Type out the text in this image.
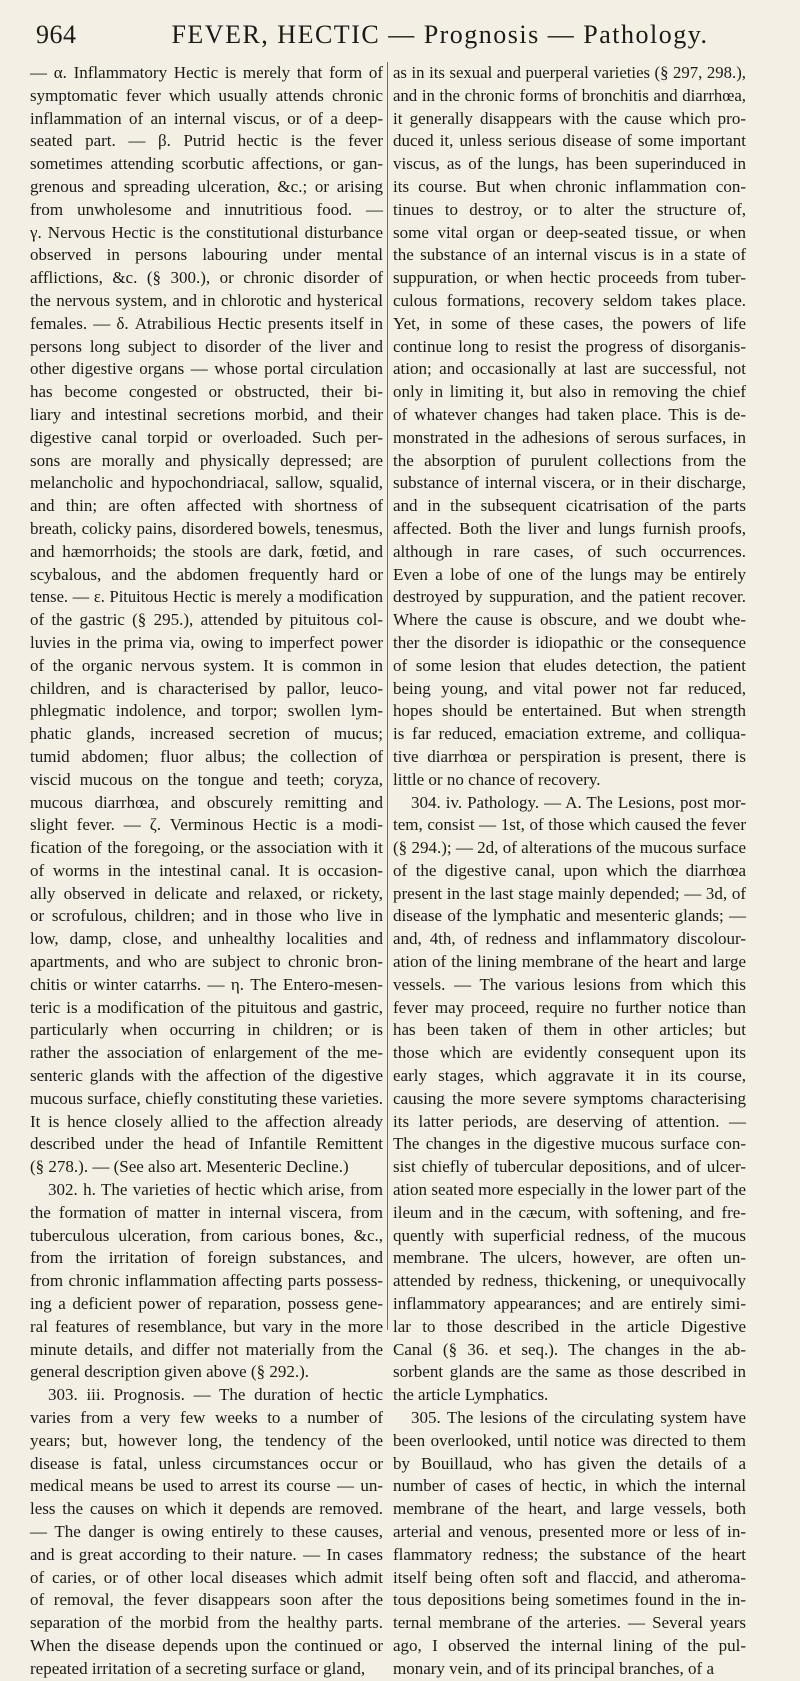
964	FEVER, HECTIC — Prognosis — Pathology.
— α. Inflammatory Hectic is merely that form of
symptomatic fever which usually attends chronic
inflammation of an internal viscus, or of a deep-
seated part. — β. Putrid hectic is the fever
sometimes attending scorbutic affections, or gan-
grenous and spreading ulceration, &c.; or arising
from unwholesome and innutritious food. —
γ. Nervous Hectic is the constitutional disturbance
observed in persons labouring under mental
afflictions, &c. (§ 300.), or chronic disorder of
the nervous system, and in chlorotic and hysterical
females. — δ. Atrabilious Hectic presents itself in
persons long subject to disorder of the liver and
other digestive organs — whose portal circulation
has become congested or obstructed, their bi-
liary and intestinal secretions morbid, and their
digestive canal torpid or overloaded. Such per-
sons are morally and physically depressed; are
melancholic and hypochondriacal, sallow, squalid,
and thin; are often affected with shortness of
breath, colicky pains, disordered bowels, tenesmus,
and hæmorrhoids; the stools are dark, fœtid, and
scybalous, and the abdomen frequently hard or
tense. — ε. Pituitous Hectic is merely a modification
of the gastric (§ 295.), attended by pituitous col-
luvies in the prima via, owing to imperfect power
of the organic nervous system. It is common in
children, and is characterised by pallor, leuco-
phlegmatic indolence, and torpor; swollen lym-
phatic glands, increased secretion of mucus;
tumid abdomen; fluor albus; the collection of
viscid mucous on the tongue and teeth; coryza,
mucous diarrhœa, and obscurely remitting and
slight fever. — ζ. Verminous Hectic is a modi-
fication of the foregoing, or the association with it
of worms in the intestinal canal. It is occasion-
ally observed in delicate and relaxed, or rickety,
or scrofulous, children; and in those who live in
low, damp, close, and unhealthy localities and
apartments, and who are subject to chronic bron-
chitis or winter catarrhs. — η. The Entero-mesen-
teric is a modification of the pituitous and gastric,
particularly when occurring in children; or is
rather the association of enlargement of the me-
senteric glands with the affection of the digestive
mucous surface, chiefly constituting these varieties.
It is hence closely allied to the affection already
described under the head of Infantile Remittent
(§ 278.). — (See also art. Mesenteric Decline.)
302. h. The varieties of hectic which arise, from
the formation of matter in internal viscera, from
tuberculous ulceration, from carious bones, &c.,
from the irritation of foreign substances, and
from chronic inflammation affecting parts possess-
ing a deficient power of reparation, possess gene-
ral features of resemblance, but vary in the more
minute details, and differ not materially from the
general description given above (§ 292.).
303. iii. Prognosis. — The duration of hectic
varies from a very few weeks to a number of
years; but, however long, the tendency of the
disease is fatal, unless circumstances occur or
medical means be used to arrest its course — un-
less the causes on which it depends are removed.
— The danger is owing entirely to these causes,
and is great according to their nature. — In cases
of caries, or of other local diseases which admit
of removal, the fever disappears soon after the
separation of the morbid from the healthy parts.
When the disease depends upon the continued or
repeated irritation of a secreting surface or gland,
as in its sexual and puerperal varieties (§ 297, 298.),
and in the chronic forms of bronchitis and diarrhœa,
it generally disappears with the cause which pro-
duced it, unless serious disease of some important
viscus, as of the lungs, has been superinduced in
its course. But when chronic inflammation con-
tinues to destroy, or to alter the structure of,
some vital organ or deep-seated tissue, or when
the substance of an internal viscus is in a state of
suppuration, or when hectic proceeds from tuber-
culous formations, recovery seldom takes place.
Yet, in some of these cases, the powers of life
continue long to resist the progress of disorganis-
ation; and occasionally at last are successful, not
only in limiting it, but also in removing the chief
of whatever changes had taken place. This is de-
monstrated in the adhesions of serous surfaces, in
the absorption of purulent collections from the
substance of internal viscera, or in their discharge,
and in the subsequent cicatrisation of the parts
affected. Both the liver and lungs furnish proofs,
although in rare cases, of such occurrences.
Even a lobe of one of the lungs may be entirely
destroyed by suppuration, and the patient recover.
Where the cause is obscure, and we doubt whe-
ther the disorder is idiopathic or the consequence
of some lesion that eludes detection, the patient
being young, and vital power not far reduced,
hopes should be entertained. But when strength
is far reduced, emaciation extreme, and colliqua-
tive diarrhœa or perspiration is present, there is
little or no chance of recovery.
304. iv. Pathology. — A. The Lesions, post mor-
tem, consist — 1st, of those which caused the fever
(§ 294.); — 2d, of alterations of the mucous surface
of the digestive canal, upon which the diarrhœa
present in the last stage mainly depended; — 3d, of
disease of the lymphatic and mesenteric glands; —
and, 4th, of redness and inflammatory discolour-
ation of the lining membrane of the heart and large
vessels. — The various lesions from which this
fever may proceed, require no further notice than
has been taken of them in other articles; but
those which are evidently consequent upon its
early stages, which aggravate it in its course,
causing the more severe symptoms characterising
its latter periods, are deserving of attention. —
The changes in the digestive mucous surface con-
sist chiefly of tubercular depositions, and of ulcer-
ation seated more especially in the lower part of the
ileum and in the cæcum, with softening, and fre-
quently with superficial redness, of the mucous
membrane. The ulcers, however, are often un-
attended by redness, thickening, or unequivocally
inflammatory appearances; and are entirely simi-
lar to those described in the article Digestive
Canal (§ 36. et seq.). The changes in the ab-
sorbent glands are the same as those described in
the article Lymphatics.
305. The lesions of the circulating system have
been overlooked, until notice was directed to them
by Bouillaud, who has given the details of a
number of cases of hectic, in which the internal
membrane of the heart, and large vessels, both
arterial and venous, presented more or less of in-
flammatory redness; the substance of the heart
itself being often soft and flaccid, and atheroma-
tous depositions being sometimes found in the in-
ternal membrane of the arteries. — Several years
ago, I observed the internal lining of the pul-
monary vein, and of its principal branches, of a
